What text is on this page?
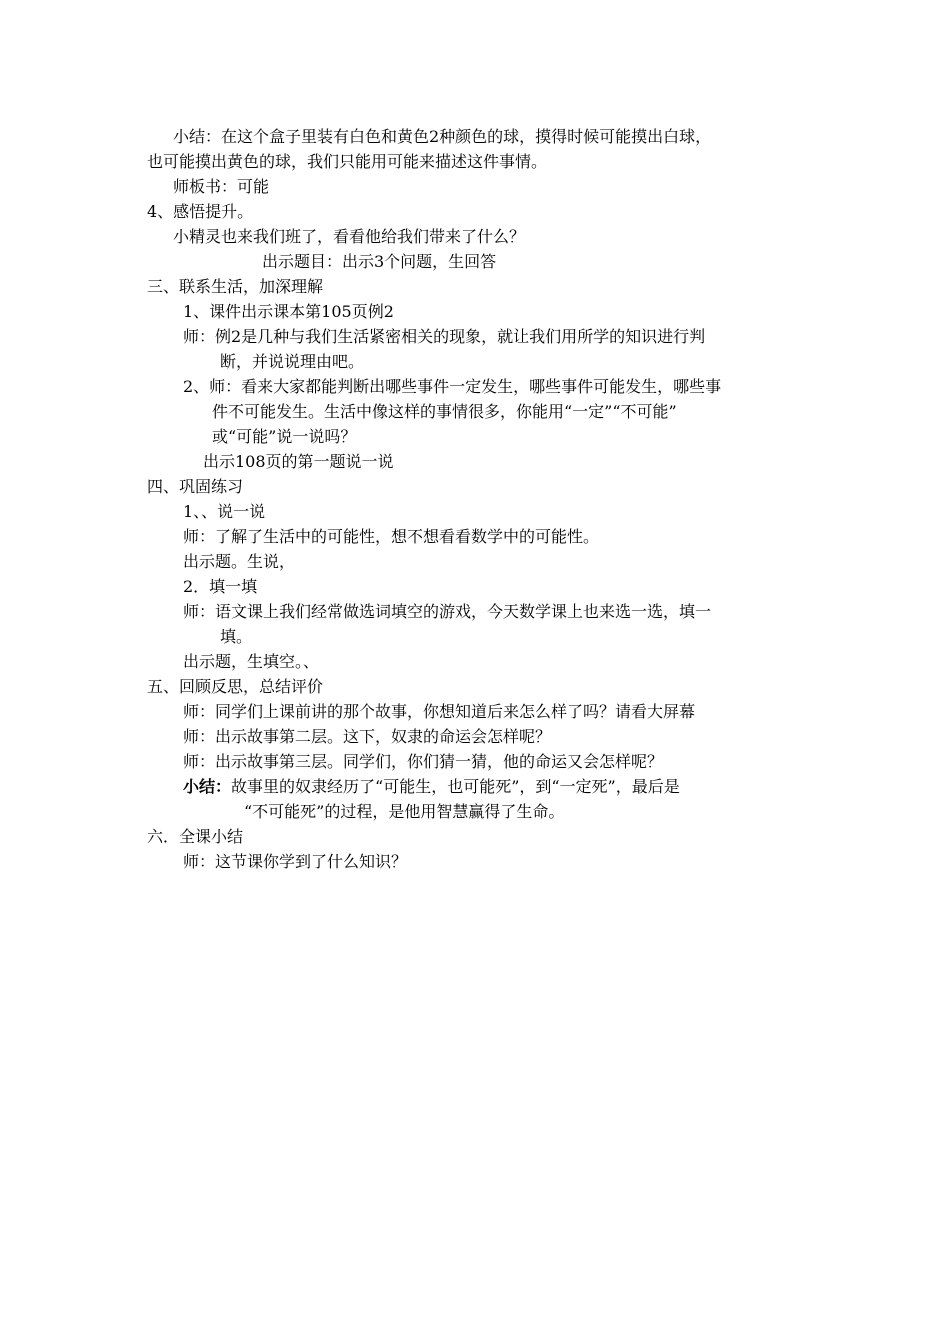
小结：在这个盒子里装有白色和黄色2种颜色的球，摸得时候可能摸出白球，
也可能摸出黄色的球，我们只能用可能来描述这件事情。
师板书：可能
4、感悟提升。
小精灵也来我们班了，看看他给我们带来了什么？
出示题目：出示3个问题，生回答
三、联系生活，加深理解
1、课件出示课本第105页例2
师：例2是几种与我们生活紧密相关的现象，就让我们用所学的知识进行判
断，并说说理由吧。
2、师：看来大家都能判断出哪些事件一定发生，哪些事件可能发生，哪些事
件不可能发生。生活中像这样的事情很多，你能用“一定”“不可能”
或“可能”说一说吗？
出示108页的第一题说一说
四、巩固练习
1、、说一说
师：了解了生活中的可能性，想不想看看数学中的可能性。
出示题。生说，
2．填一填
师：语文课上我们经常做选词填空的游戏，今天数学课上也来选一选，填一
填。
出示题，生填空。、
五、回顾反思，总结评价
师：同学们上课前讲的那个故事，你想知道后来怎么样了吗？请看大屏幕
师：出示故事第二层。这下，奴隶的命运会怎样呢？
师：出示故事第三层。同学们，你们猜一猜，他的命运又会怎样呢？
小结：故事里的奴隶经历了“可能生，也可能死”，到“一定死”，最后是
“不可能死”的过程，是他用智慧赢得了生命。
六．全课小结
师：这节课你学到了什么知识？
